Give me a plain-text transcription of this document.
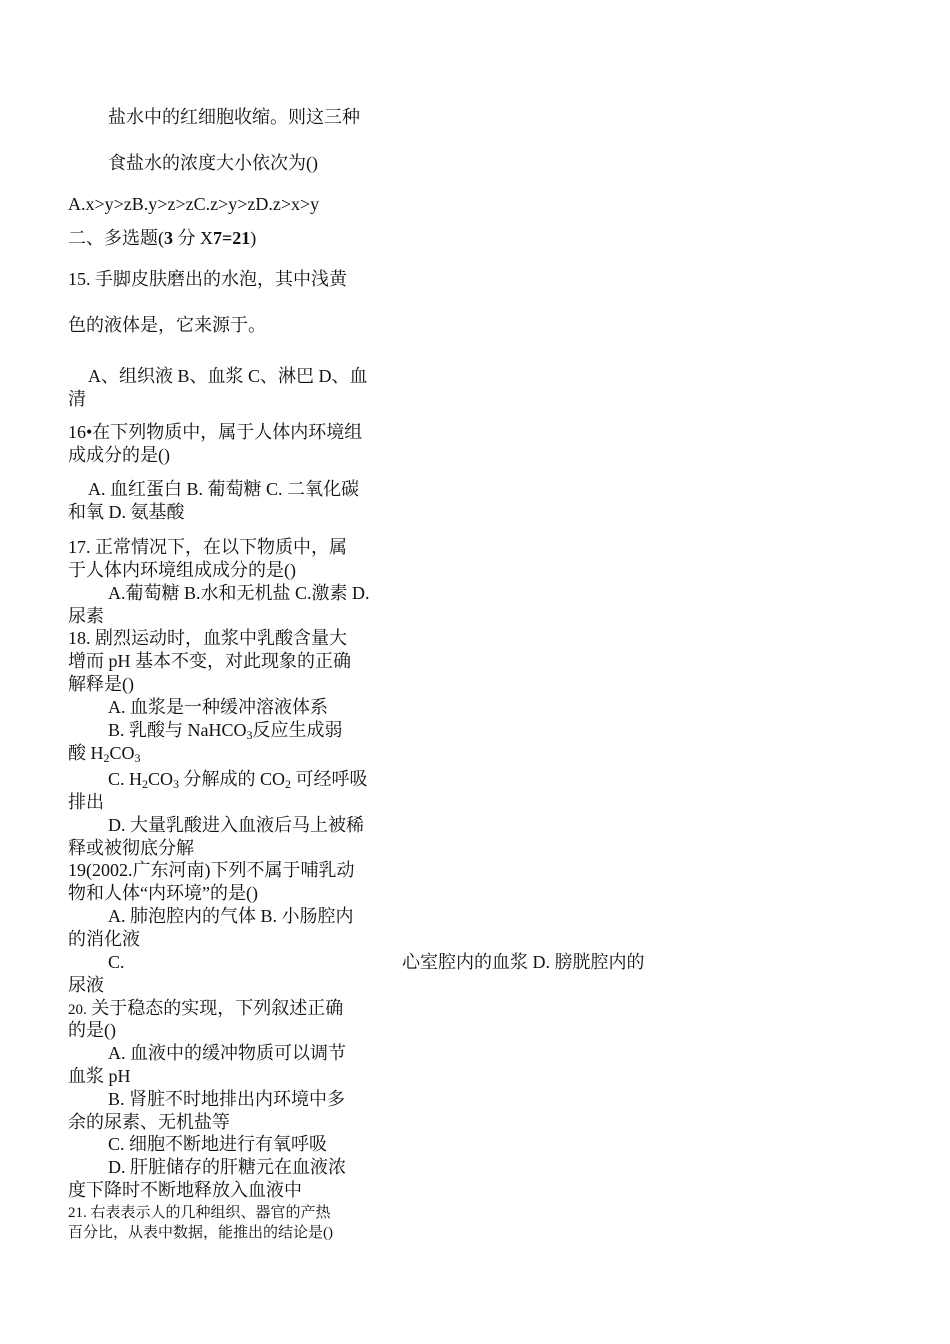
盐水中的红细胞收缩。则这三种
食盐水的浓度大小依次为()
A.x>y>zB.y>z>zC.z>y>zD.z>x>y
二、多选题(3 分 X7=21)
15. 手脚皮肤磨出的水泡，其中浅黄
色的液体是，它来源于。
A、组织液 B、血浆 C、淋巴 D、血
清
16•在下列物质中，属于人体内环境组
成成分的是()
A. 血红蛋白 B. 葡萄糖 C. 二氧化碳
和氧 D. 氨基酸
17. 正常情况下，在以下物质中，属
于人体内环境组成成分的是()
A.葡萄糖 B.水和无机盐 C.激素 D.
尿素
18. 剧烈运动时，血浆中乳酸含量大
增而 pH 基本不变，对此现象的正确
解释是()
A. 血浆是一种缓冲溶液体系
B. 乳酸与 NaHCO$_3$反应生成弱
酸 $H_2CO_3$
C. $H_2CO_3$ 分解成的 $CO_2$ 可经呼吸
排出
D. 大量乳酸进入血液后马上被稀
释或被彻底分解
19(2002.广东河南)下列不属于哺乳动
物和人体“内环境”的是()
A. 肺泡腔内的气体 B. 小肠腔内
的消化液
C.	心室腔内的血浆 D. 膀胱腔内的
尿液
20. 关于稳态的实现，下列叙述正确
的是()
A. 血液中的缓冲物质可以调节
血浆 pH
B. 肾脏不时地排出内环境中多
余的尿素、无机盐等
C. 细胞不断地进行有氧呼吸
D. 肝脏储存的肝糖元在血液浓
度下降时不断地释放入血液中
21. 右表表示人的几种组织、器官的产热
百分比，从表中数据，能推出的结论是()
